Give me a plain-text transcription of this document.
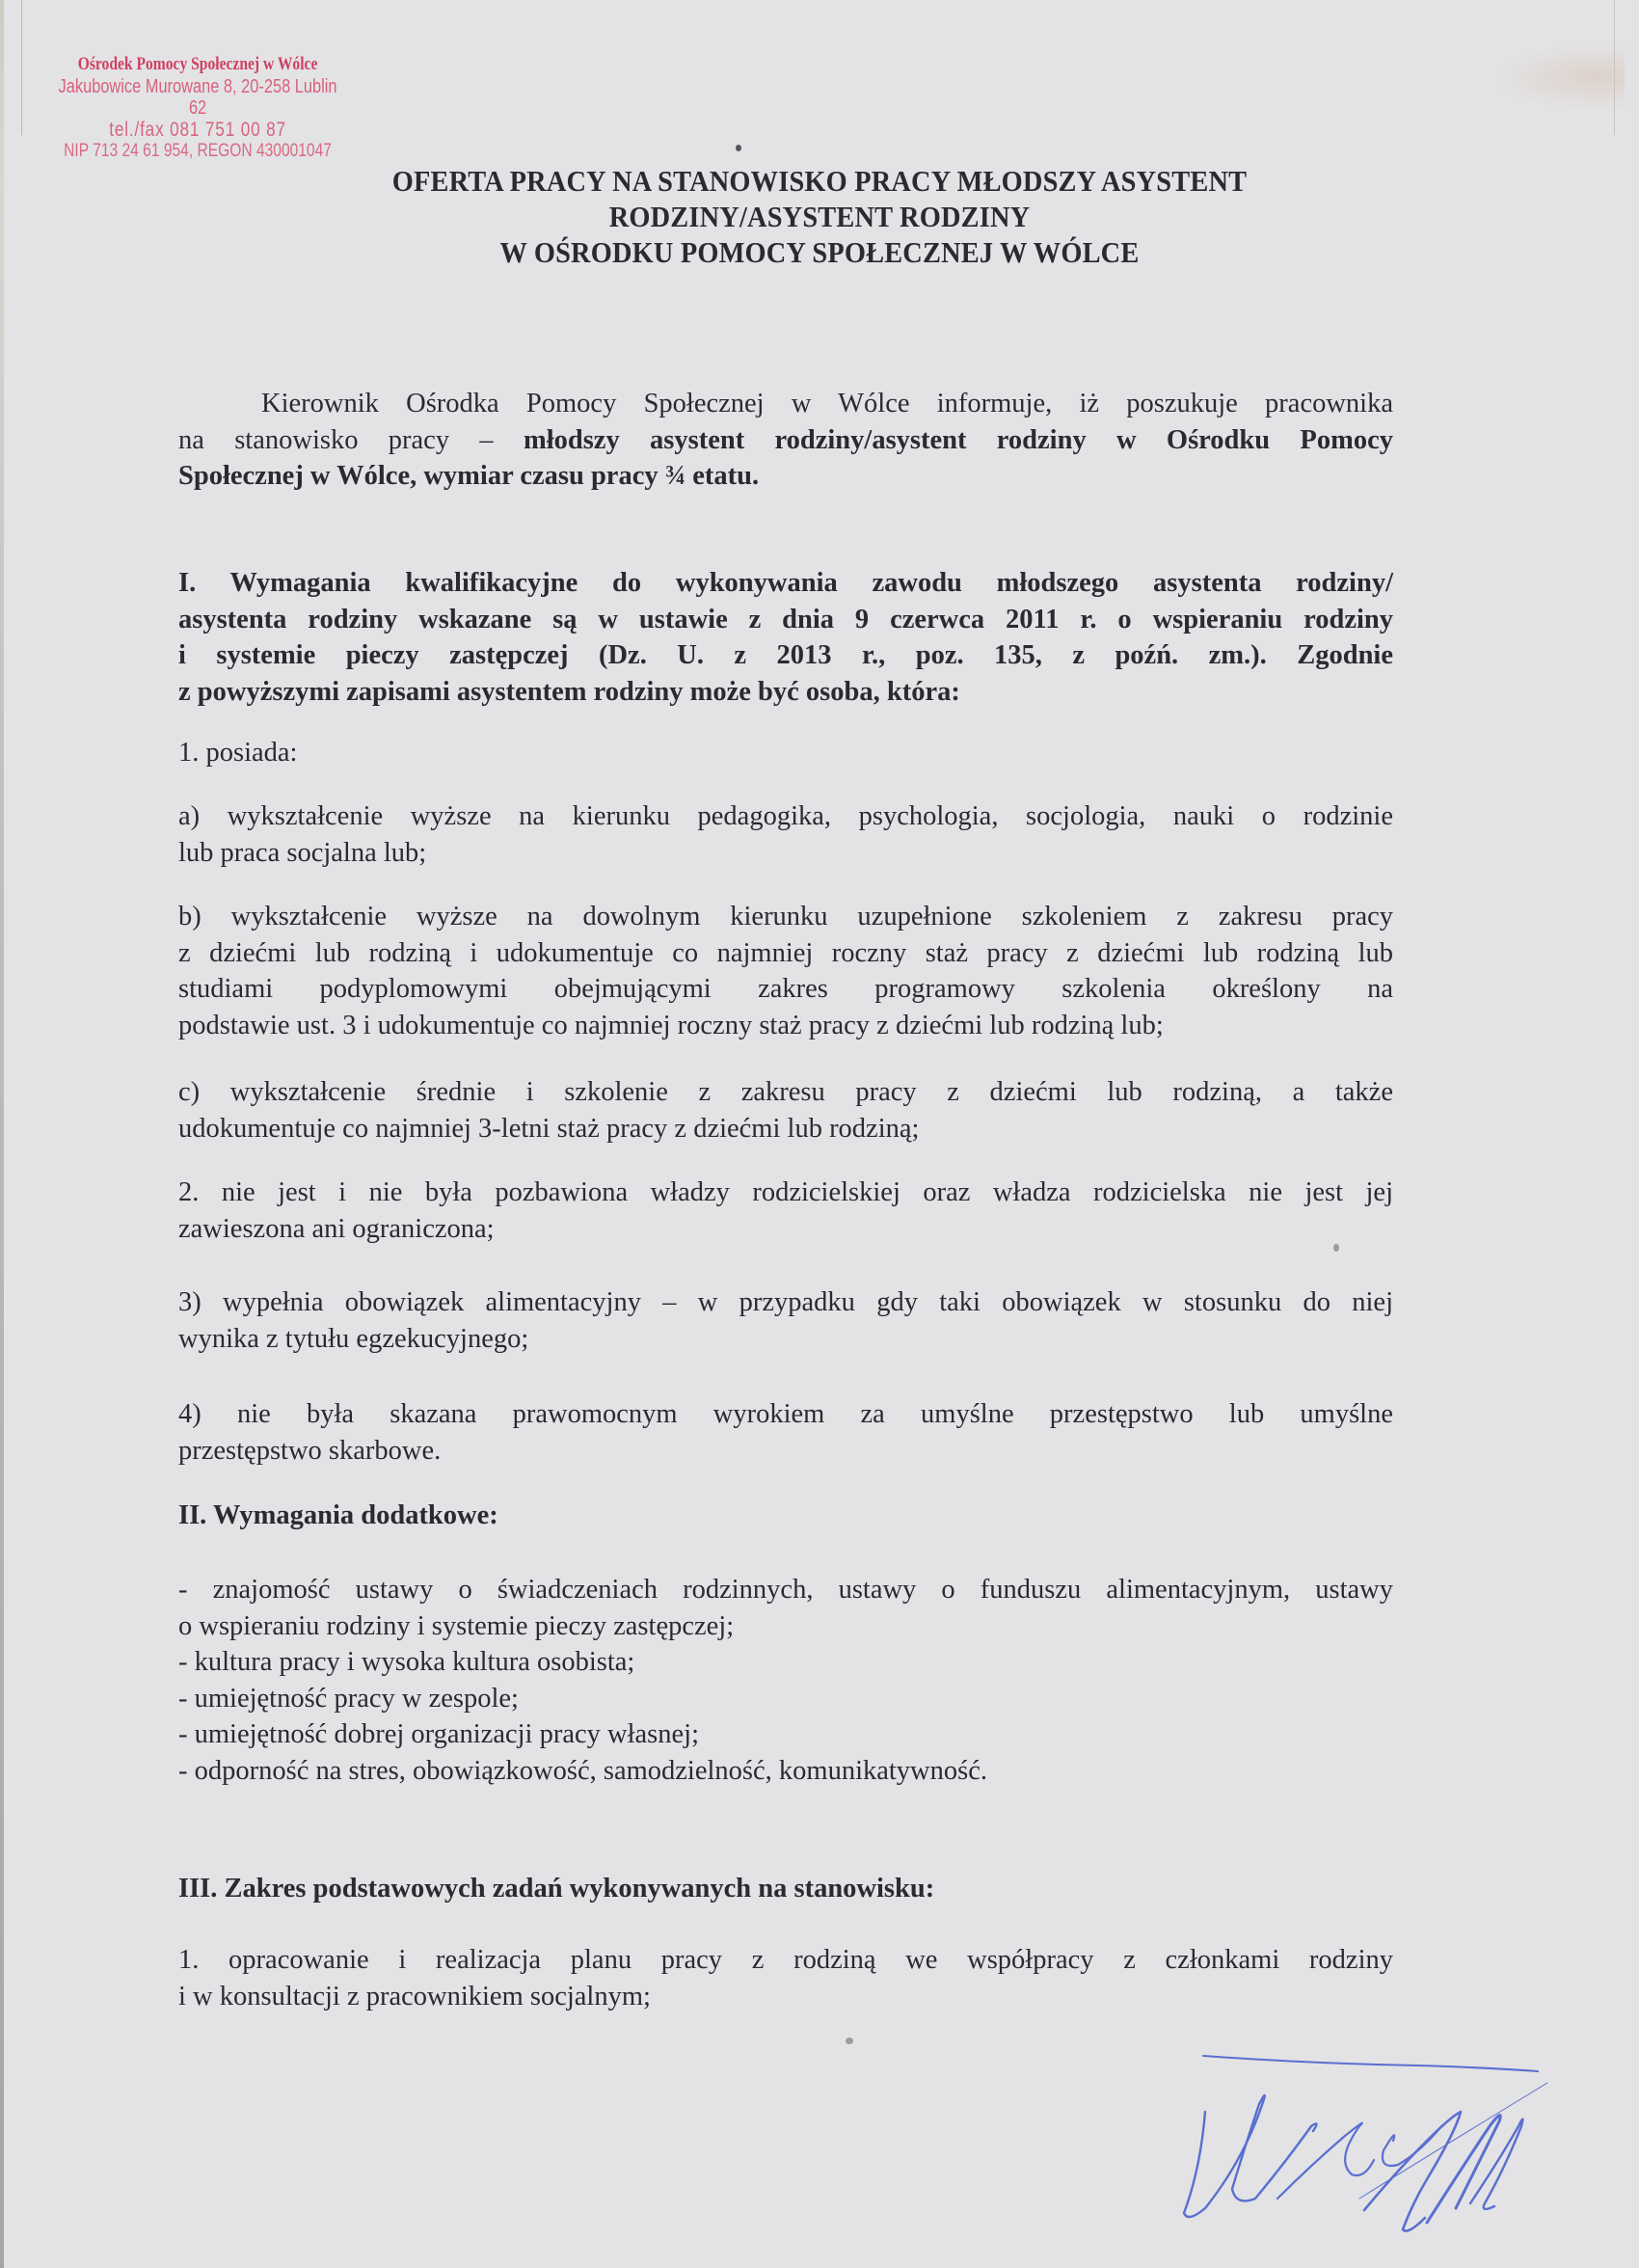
Ośrodek Pomocy Społecznej w Wólce
Jakubowice Murowane 8, 20-258 Lublin 62
tel./fax 081 751 00 87
NIP 713 24 61 954, REGON 430001047
OFERTA PRACY NA STANOWISKO PRACY MŁODSZY ASYSTENT
RODZINY/ASYSTENT RODZINY
W OŚRODKU POMOCY SPOŁECZNEJ W WÓLCE
Kierownik Ośrodka Pomocy Społecznej w Wólce informuje, iż poszukuje pracownika
na stanowisko pracy – młodszy asystent rodziny/asystent rodziny w Ośrodku Pomocy
Społecznej w Wólce, wymiar czasu pracy ¾ etatu.
I. Wymagania kwalifikacyjne do wykonywania zawodu młodszego asystenta rodziny/
asystenta rodziny wskazane są w ustawie z dnia 9 czerwca 2011 r. o wspieraniu rodziny
i systemie pieczy zastępczej (Dz. U. z 2013 r., poz. 135, z poźń. zm.). Zgodnie
z powyższymi zapisami asystentem rodziny może być osoba, która:
1. posiada:
a) wykształcenie wyższe na kierunku pedagogika, psychologia, socjologia, nauki o rodzinie
lub praca socjalna lub;
b) wykształcenie wyższe na dowolnym kierunku uzupełnione szkoleniem z zakresu pracy
z dziećmi lub rodziną i udokumentuje co najmniej roczny staż pracy z dziećmi lub rodziną lub
studiami podyplomowymi obejmującymi zakres programowy szkolenia określony na
podstawie ust. 3 i udokumentuje co najmniej roczny staż pracy z dziećmi lub rodziną lub;
c) wykształcenie średnie i szkolenie z zakresu pracy z dziećmi lub rodziną, a także
udokumentuje co najmniej 3-letni staż pracy z dziećmi lub rodziną;
2. nie jest i nie była pozbawiona władzy rodzicielskiej oraz władza rodzicielska nie jest jej
zawieszona ani ograniczona;
3) wypełnia obowiązek alimentacyjny – w przypadku gdy taki obowiązek w stosunku do niej
wynika z tytułu egzekucyjnego;
4) nie była skazana prawomocnym wyrokiem za umyślne przestępstwo lub umyślne
przestępstwo skarbowe.
II. Wymagania dodatkowe:
- znajomość ustawy o świadczeniach rodzinnych, ustawy o funduszu alimentacyjnym, ustawy
o wspieraniu rodziny i systemie pieczy zastępczej;
- kultura pracy i wysoka kultura osobista;
- umiejętność pracy w zespole;
- umiejętność dobrej organizacji pracy własnej;
- odporność na stres, obowiązkowość, samodzielność, komunikatywność.
III. Zakres podstawowych zadań wykonywanych na stanowisku:
1. opracowanie i realizacja planu pracy z rodziną we współpracy z członkami rodziny
i w konsultacji z pracownikiem socjalnym;
